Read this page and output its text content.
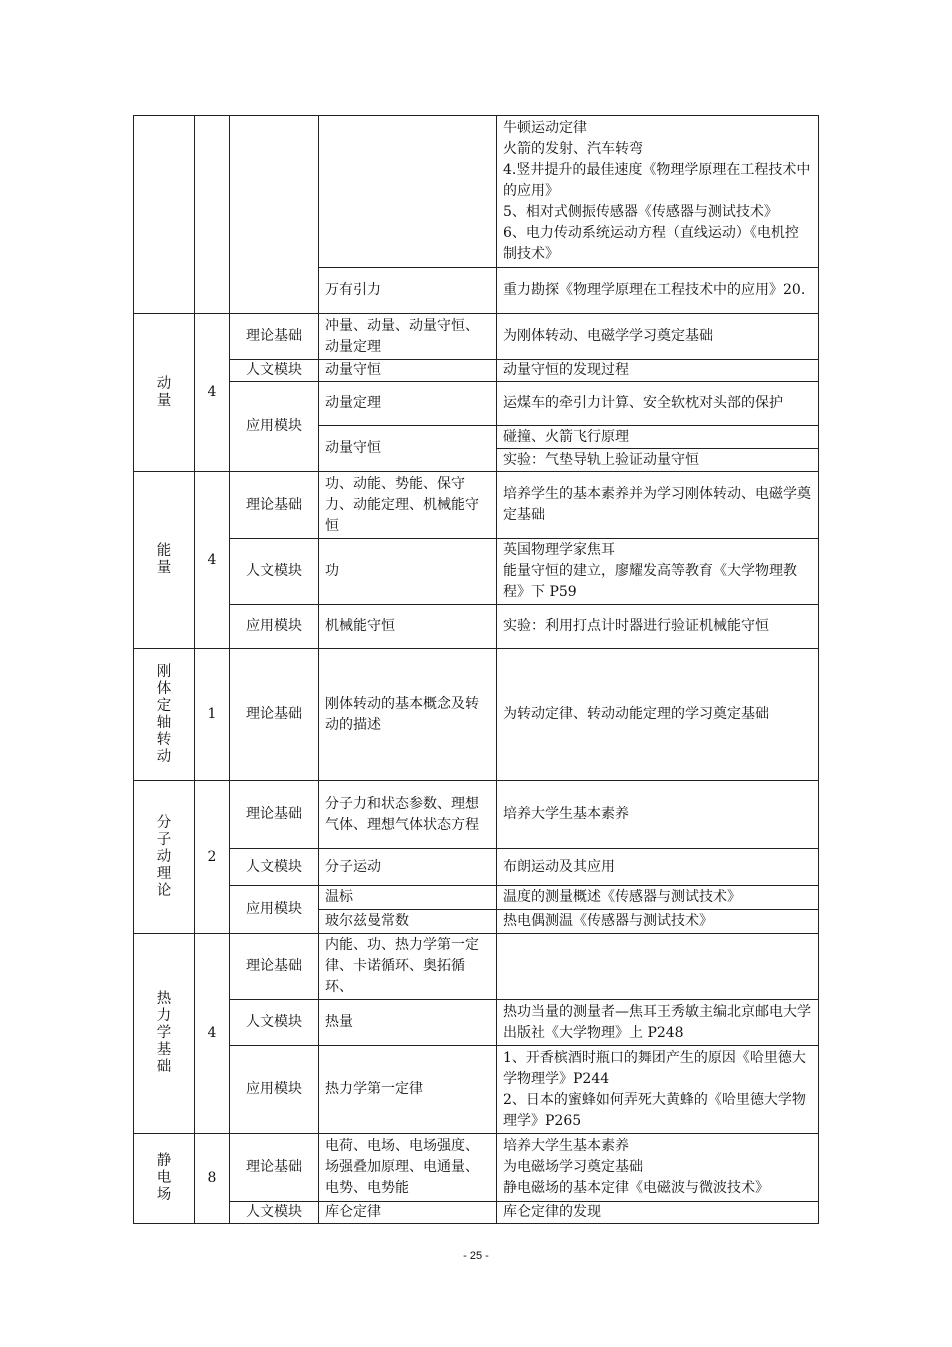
				牛顿运动定律
火箭的发射、汽车转弯
4.竖井提升的最佳速度《物理学原理在工程技术中的应用》
5、相对式侧振传感器《传感器与测试技术》
6、电力传动系统运动方程（直线运动）《电机控制技术》
			万有引力	重力勘探《物理学原理在工程技术中的应用》20.

动量	4	理论基础	冲量、动量、动量守恒、动量定理	为刚体转动、电磁学学习奠定基础
		人文模块	动量守恒	动量守恒的发现过程
		应用模块	动量定理	运煤车的牵引力计算、安全软枕对头部的保护
			动量守恒	碰撞、火箭飞行原理
				实验：气垫导轨上验证动量守恒

能量	4	理论基础	功、动能、势能、保守力、动能定理、机械能守恒	培养学生的基本素养并为学习刚体转动、电磁学奠定基础
		人文模块	功	英国物理学家焦耳
能量守恒的建立，廖耀发高等教育《大学物理教程》下 P59
		应用模块	机械能守恒	实验：利用打点计时器进行验证机械能守恒

刚体定轴转动	1	理论基础	刚体转动的基本概念及转动的描述	为转动定律、转动动能定理的学习奠定基础

分子动理论	2	理论基础	分子力和状态参数、理想气体、理想气体状态方程	培养大学生基本素养
		人文模块	分子运动	布朗运动及其应用
		应用模块	温标	温度的测量概述《传感器与测试技术》
			玻尔兹曼常数	热电偶测温《传感器与测试技术》

热力学基础	4	理论基础	内能、功、热力学第一定律、卡诺循环、奥拓循环、	
		人文模块	热量	热功当量的测量者—焦耳王秀敏主编北京邮电大学出版社《大学物理》上 P248
		应用模块	热力学第一定律	1、开香槟酒时瓶口的舞团产生的原因《哈里德大学物理学》P244
2、日本的蜜蜂如何弄死大黄蜂的《哈里德大学物理学》P265

静电场	8	理论基础	电荷、电场、电场强度、场强叠加原理、电通量、电势、电势能	培养大学生基本素养
为电磁场学习奠定基础
静电磁场的基本定律《电磁波与微波技术》
		人文模块	库仑定律	库仑定律的发现
- 25 -
